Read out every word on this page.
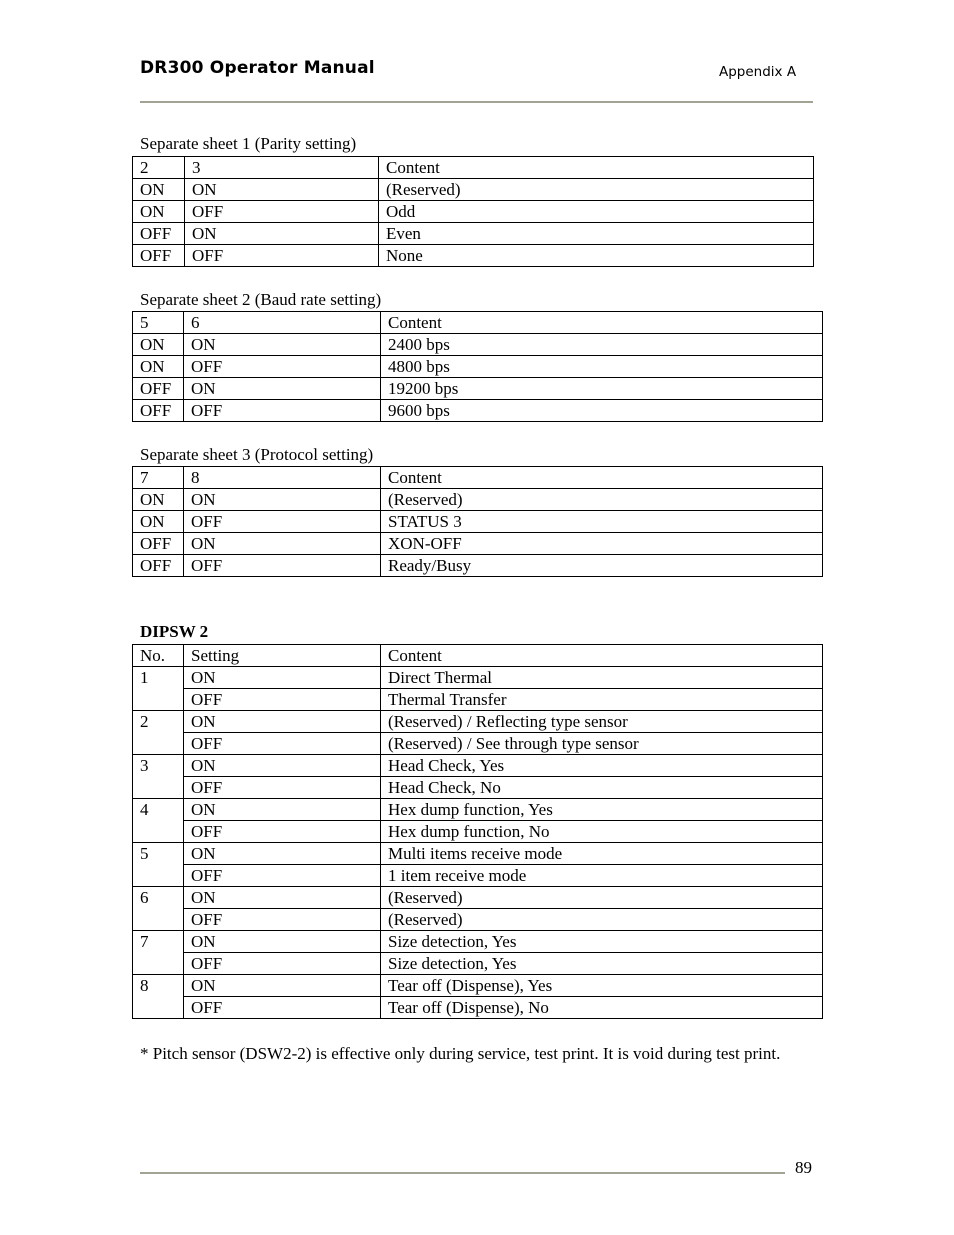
DR300 Operator Manual	Appendix A
Separate sheet 1 (Parity setting)
2	3	Content
ON	ON	(Reserved)
ON	OFF	Odd
OFF	ON	Even
OFF	OFF	None
Separate sheet 2 (Baud rate setting)
5	6	Content
ON	ON	2400 bps
ON	OFF	4800 bps
OFF	ON	19200 bps
OFF	OFF	9600 bps
Separate sheet 3 (Protocol setting)
7	8	Content
ON	ON	(Reserved)
ON	OFF	STATUS 3
OFF	ON	XON-OFF
OFF	OFF	Ready/Busy
DIPSW 2
No.	Setting	Content
1	ON	Direct Thermal
	OFF	Thermal Transfer
2	ON	(Reserved) / Reflecting type sensor
	OFF	(Reserved) / See through type sensor
3	ON	Head Check, Yes
	OFF	Head Check, No
4	ON	Hex dump function, Yes
	OFF	Hex dump function, No
5	ON	Multi items receive mode
	OFF	1 item receive mode
6	ON	(Reserved)
	OFF	(Reserved)
7	ON	Size detection, Yes
	OFF	Size detection, Yes
8	ON	Tear off (Dispense), Yes
	OFF	Tear off (Dispense), No
* Pitch sensor (DSW2-2) is effective only during service, test print. It is void during test print.
89
